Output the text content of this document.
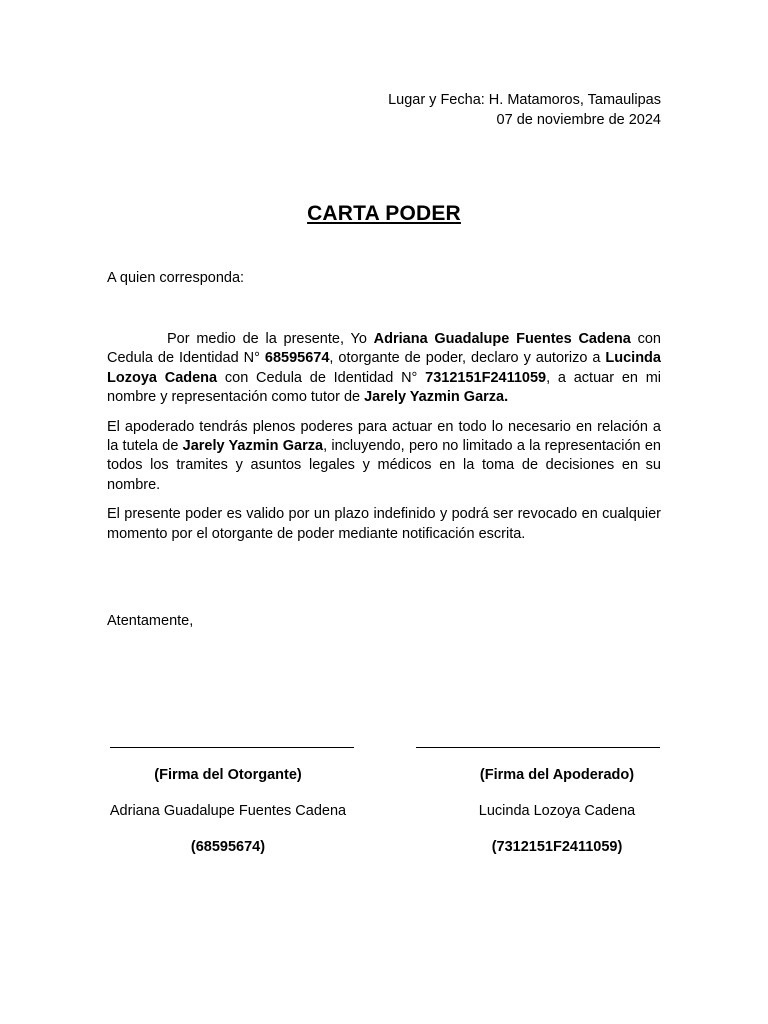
Lugar y Fecha: H. Matamoros, Tamaulipas
07 de noviembre de 2024
CARTA PODER
A quien corresponda:

Por medio de la presente, Yo Adriana Guadalupe Fuentes Cadena con Cedula de Identidad N° 68595674, otorgante de poder, declaro y autorizo a Lucinda Lozoya Cadena con Cedula de Identidad N° 7312151F2411059, a actuar en mi nombre y representación como tutor de Jarely Yazmin Garza.

El apoderado tendrás plenos poderes para actuar en todo lo necesario en relación a la tutela de Jarely Yazmin Garza, incluyendo, pero no limitado a la representación en todos los tramites y asuntos legales y médicos en la toma de decisiones en su nombre.

El presente poder es valido por un plazo indefinido y podrá ser revocado en cualquier momento por el otorgante de poder mediante notificación escrita.

Atentamente,
(Firma del Otorgante)
Adriana Guadalupe Fuentes Cadena
(68595674)
(Firma del Apoderado)
Lucinda Lozoya Cadena
(7312151F2411059)
